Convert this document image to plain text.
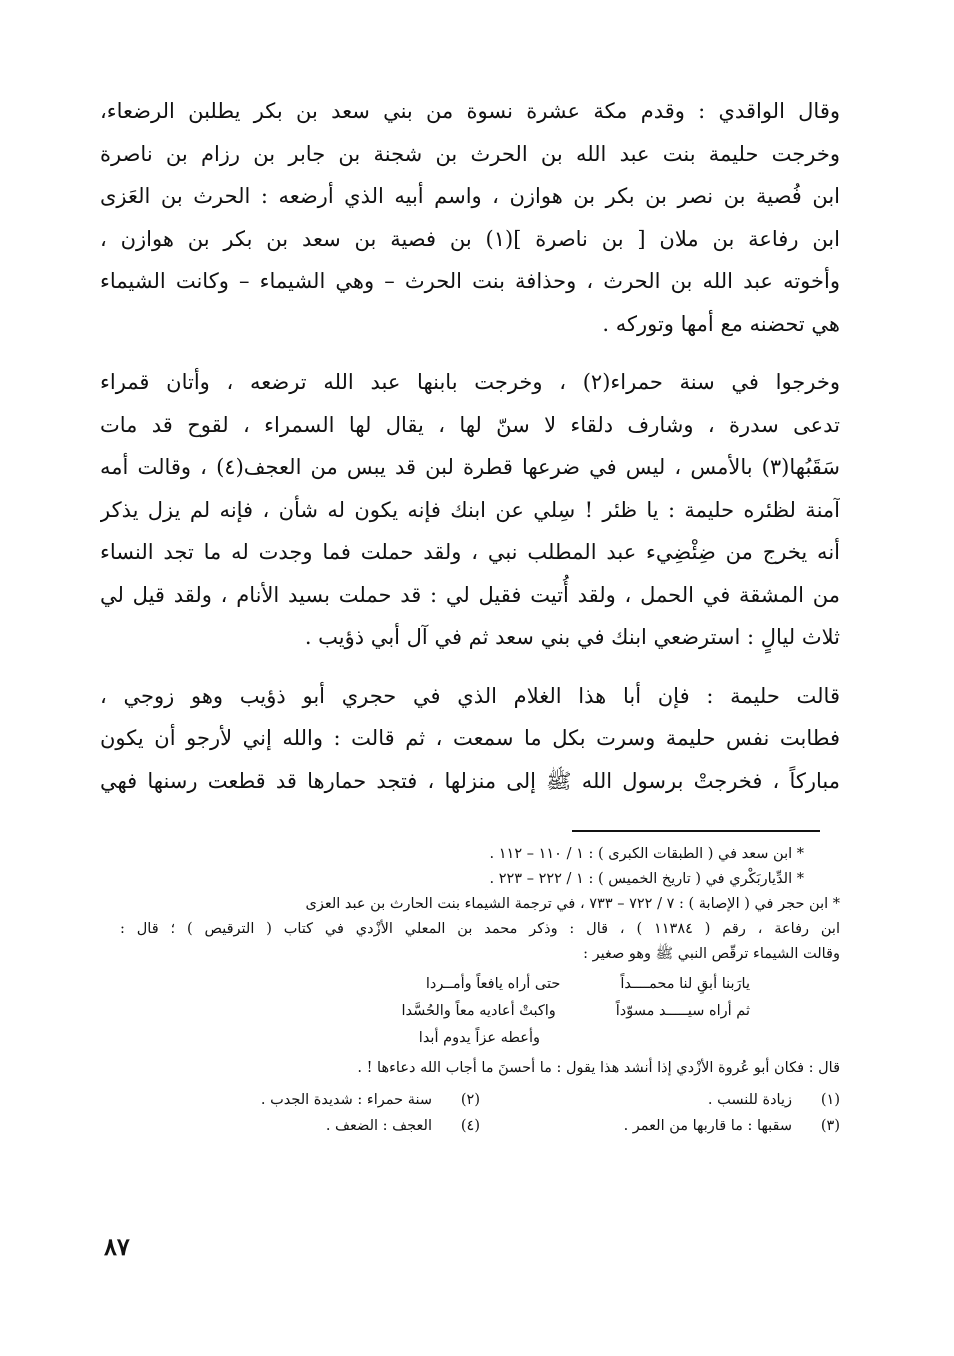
وقال الواقدي : وقدم مكة عشرة نسوة من بني سعد بن بكر يطلبن الرضعاء،
وخرجت حليمة بنت عبد الله بن الحرث بن شجنة بن جابر بن رزام بن ناصرة
ابن فُصية بن نصر بن بكر بن هوازن ، واسم أبيه الذي أرضعه : الحرث بن العَزى
ابن رفاعة بن ملان [ بن ناصرة ](١) بن فصية بن سعد بن بكر بن هوازن ،
وأخوته عبد الله بن الحرث ، وحذافة بنت الحرث – وهي الشيماء – وكانت الشيماء
هي تحضنه مع أمها وتوركه .
وخرجوا في سنة حمراء(٢) ، وخرجت بابنها عبد الله ترضعه ، وأتان قمراء
تدعى سدرة ، وشارف دلقاء لا سنّ لها ، يقال لها السمراء ، لقوح قد مات
سَقَبُها(٣) بالأمس ، ليس في ضرعها قطرة لبن قد يبس من العجف(٤) ، وقالت أمه
آمنة لظئره حليمة : يا ظئر ! سِلي عن ابنك فإنه يكون له شأن ، فإنه لم يزل يذكر
أنه يخرج من ضِئْضِيء عبد المطلب نبي ، ولقد حملت فما وجدت له ما تجد النساء
من المشقة في الحمل ، ولقد أُتيت فقيل لي : قد حملت بسيد الأنام ، ولقد قيل لي
ثلاث ليالٍ : استرضعي ابنك في بني سعد ثم في آل أبي ذؤيب .
قالت حليمة : فإن أبا هذا الغلام الذي في حجري أبو ذؤيب وهو زوجي ،
فطابت نفس حليمة وسرت بكل ما سمعت ، ثم قالت : والله إني لأرجو أن يكون
مباركاً ، فخرجتْ برسول الله ﷺ إلى منزلها ، فتجد حمارها قد قطعت رسنها فهي
* ابن سعد في ( الطبقات الكبرى ) : ١ / ١١٠ – ١١٢ .
* الدِّياربَكْري في ( تاريخ الخميس ) : ١ / ٢٢٢ – ٢٢٣ .
* ابن حجر في ( الإصابة ) : ٧ / ٧٢٢ – ٧٣٣ ، في ترجمة الشيماء بنت الحارث بن عبد العزى
ابن رفاعة ، رقم ( ١١٣٨٤ ) ، قال : وذكر محمد بن المعلي الأزْدي في كتاب ( الترقيص ) ؛ قال :
وقالت الشيماء ترقّص النبي ﷺ وهو صغير :
يارَبنا أبقِ لنا محمــــداً
حتى أراه يافعاً وأمــردا
ثم أراه سيـــــد مسوّداً
واكبتْ أعاديه معاً والحُسَّدا
وأعطه عزاً يدوم أبدا
قال : فكان أبو عُروة الأزْدي إذا أنشد هذا يقول : ما أحسنَ ما أجاب الله دعاءها ! .
(١)
زيادة للنسب .
(٢)
سنة حمراء : شديدة الجدب .
(٣)
سقبها : ما قاربها من العمر .
(٤)
العجف : الضعف .
٨٧
